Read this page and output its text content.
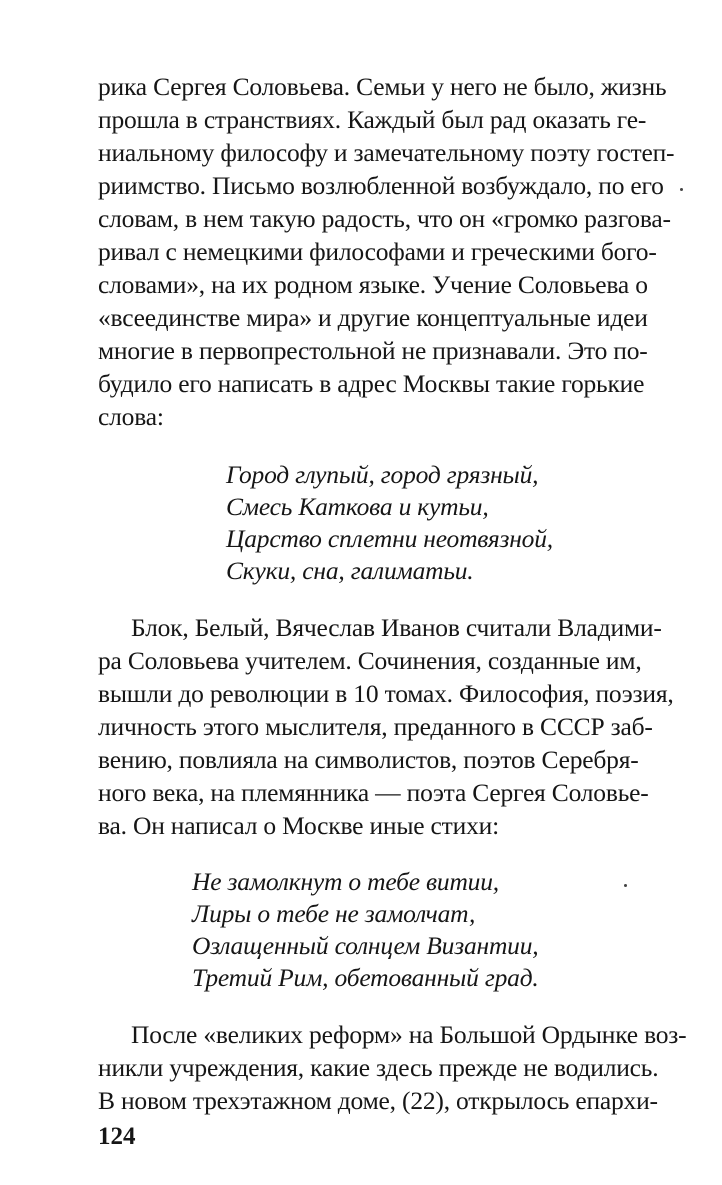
рика Сергея Соловьева. Семьи у него не было, жизнь
прошла в странствиях. Каждый был рад оказать ге-
ниальному философу и замечательному поэту гостеп-
риимство. Письмо возлюбленной возбуждало, по его
словам, в нем такую радость, что он «громко разгова-
ривал с немецкими философами и греческими бого-
словами», на их родном языке. Учение Соловьева о
«всеединстве мира» и другие концептуальные идеи
многие в первопрестольной не признавали. Это по-
будило его написать в адрес Москвы такие горькие
слова:
Город глупый, город грязный,
Смесь Каткова и кутьи,
Царство сплетни неотвязной,
Скуки, сна, галиматьи.
Блок, Белый, Вячеслав Иванов считали Владими-
ра Соловьева учителем. Сочинения, созданные им,
вышли до революции в 10 томах. Философия, поэзия,
личность этого мыслителя, преданного в СССР заб-
вению, повлияла на символистов, поэтов Серебря-
ного века, на племянника — поэта Сергея Соловье-
ва. Он написал о Москве иные стихи:
Не замолкнут о тебе витии,
Лиры о тебе не замолчат,
Озлащенный солнцем Византии,
Третий Рим, обетованный град.
После «великих реформ» на Большой Ордынке воз-
никли учреждения, какие здесь прежде не водились.
В новом трехэтажном доме, (22), открылось епархи-
124
